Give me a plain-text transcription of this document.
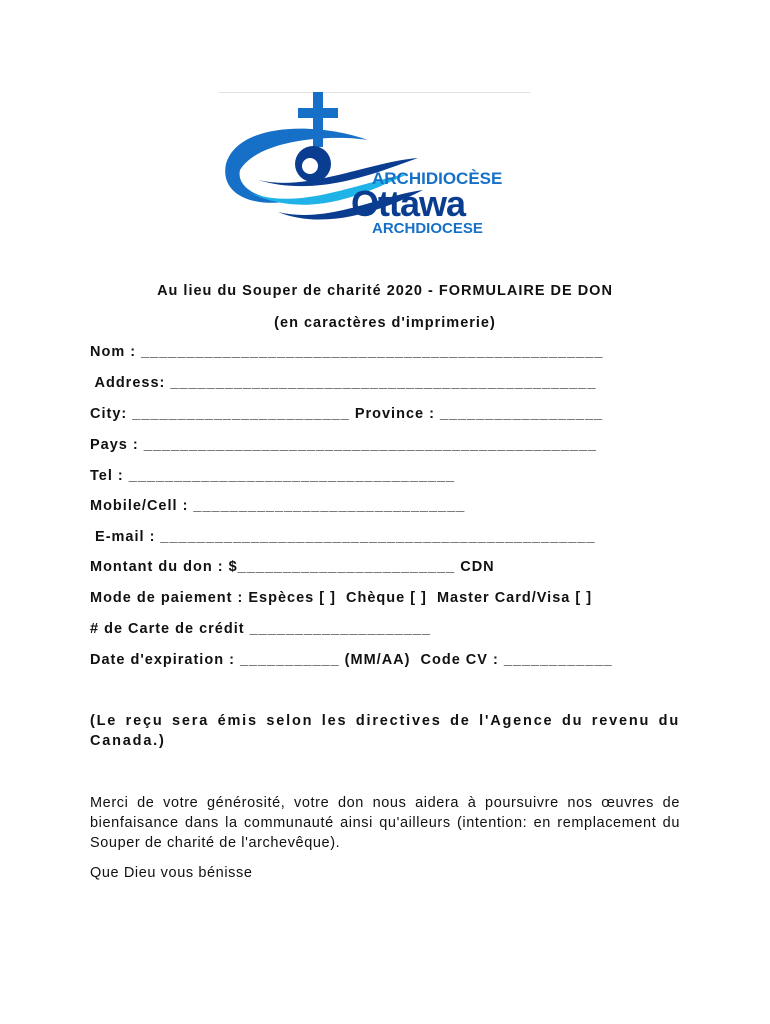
ARCHIDIOCÈSE
Ottawa
ARCHDIOCESE
Au lieu du Souper de charité 2020 - FORMULAIRE DE DON
(en caractères d'imprimerie)
Nom : ___________________________________________________
Address: _______________________________________________
City: ________________________ Province : __________________
Pays : __________________________________________________
Tel : ____________________________________
Mobile/Cell : ______________________________
E-mail : ________________________________________________
Montant du don : $________________________ CDN
Mode de paiement : Espèces [ ]  Chèque [ ]  Master Card/Visa [ ]
# de Carte de crédit ____________________
Date d'expiration : ___________ (MM/AA)  Code CV : ____________
(Le reçu sera émis selon les directives de l'Agence du revenu du Canada.)
Merci de votre générosité, votre don nous aidera à poursuivre nos œuvres de bienfaisance dans la communauté ainsi qu'ailleurs (intention: en remplacement du Souper de charité de l'archevêque).
Que Dieu vous bénisse
